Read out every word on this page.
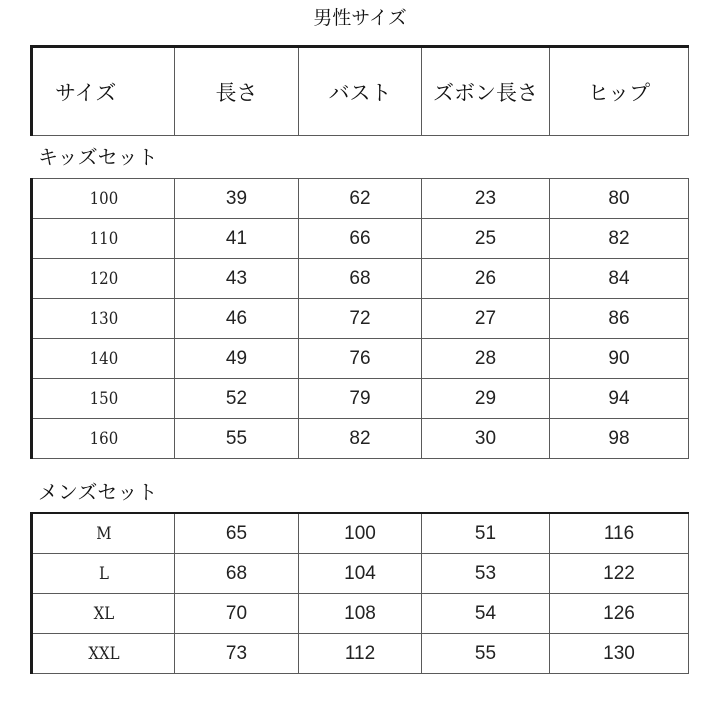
男性サイズ
サイズ	長さ	バスト	ズボン長さ	ヒップ
キッズセット
100	39	62	23	80
110	41	66	25	82
120	43	68	26	84
130	46	72	27	86
140	49	76	28	90
150	52	79	29	94
160	55	82	30	98
メンズセット
M	65	100	51	116
L	68	104	53	122
XL	70	108	54	126
XXL	73	112	55	130
